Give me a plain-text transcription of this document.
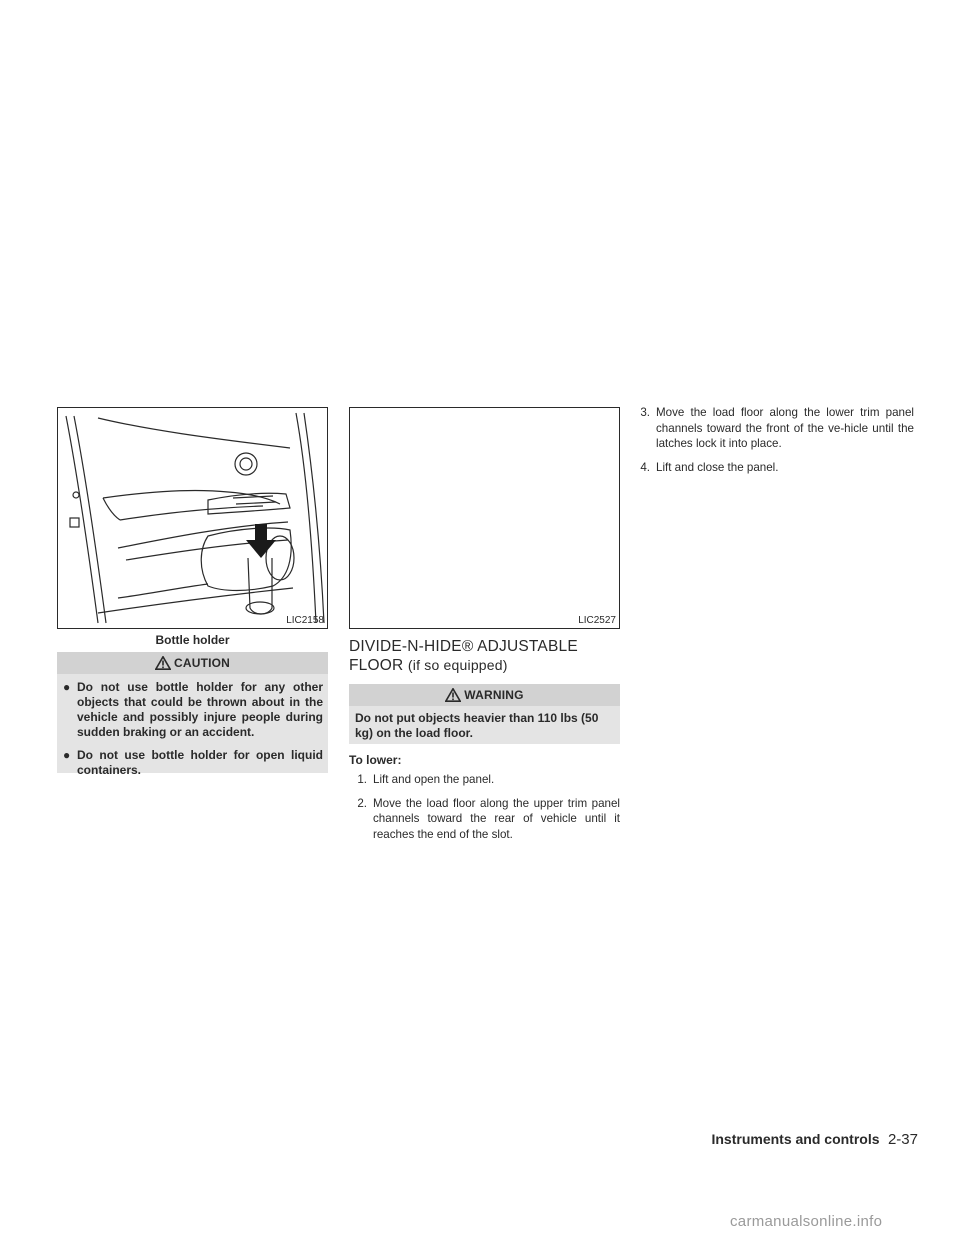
LIC2158
Bottle holder
CAUTION
● Do not use bottle holder for any other objects that could be thrown about in the vehicle and possibly injure people during sudden braking or an accident.
● Do not use bottle holder for open liquid containers.
LIC2527
DIVIDE-N-HIDE® ADJUSTABLE
FLOOR (if so equipped)
WARNING
Do not put objects heavier than 110 lbs (50 kg) on the load floor.
To lower:
1. Lift and open the panel.
2. Move the load floor along the upper trim panel channels toward the rear of vehicle until it reaches the end of the slot.
3. Move the load floor along the lower trim panel channels toward the front of the ve-hicle until the latches lock it into place.
4. Lift and close the panel.
Instruments and controls 2-37
carmanualsonline.info
